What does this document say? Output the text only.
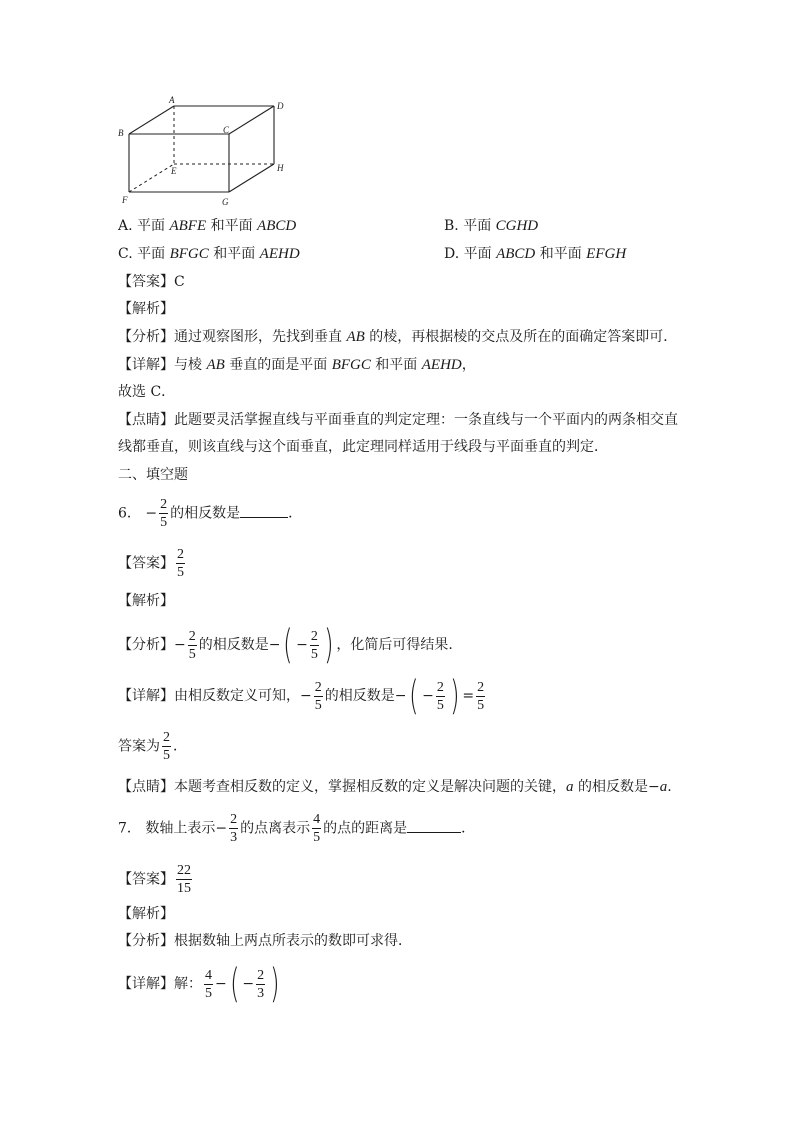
A
D
B	C
E	H
F	G
A. 平面 ABFE 和平面 ABCD	B. 平面 CGHD
C. 平面 BFGC 和平面 AEHD	D. 平面 ABCD 和平面 EFGH
【答案】C
【解析】
【分析】通过观察图形，先找到垂直 AB 的棱，再根据棱的交点及所在的面确定答案即可．
【详解】与棱 AB 垂直的面是平面 BFGC 和平面 AEHD，
故选 C．
【点睛】此题要灵活掌握直线与平面垂直的判定定理：一条直线与一个平面内的两条相交直
线都垂直，则该直线与这个面垂直，此定理同样适用于线段与平面垂直的判定．
二、填空题
6． − $\frac{2}{5}$ 的相反数是	．
【答案】 $\frac{2}{5}$
【解析】
【分析】− $\frac{2}{5}$ 的相反数是−( − $\frac{2}{5}$ ) ，化简后可得结果.
【详解】由相反数定义可知，− $\frac{2}{5}$ 的相反数是−( − $\frac{2}{5}$ ) = $\frac{2}{5}$
答案为 $\frac{2}{5}$ ．
【点睛】本题考查相反数的定义，掌握相反数的定义是解决问题的关键，a 的相反数是−a.
7． 数轴上表示− $\frac{2}{3}$ 的点离表示 $\frac{4}{5}$ 的点的距离是	．
【答案】 $\frac{22}{15}$
【解析】
【分析】根据数轴上两点所表示的数即可求得．
【详解】解： $\frac{4}{5}$ −( − $\frac{2}{3}$ )
